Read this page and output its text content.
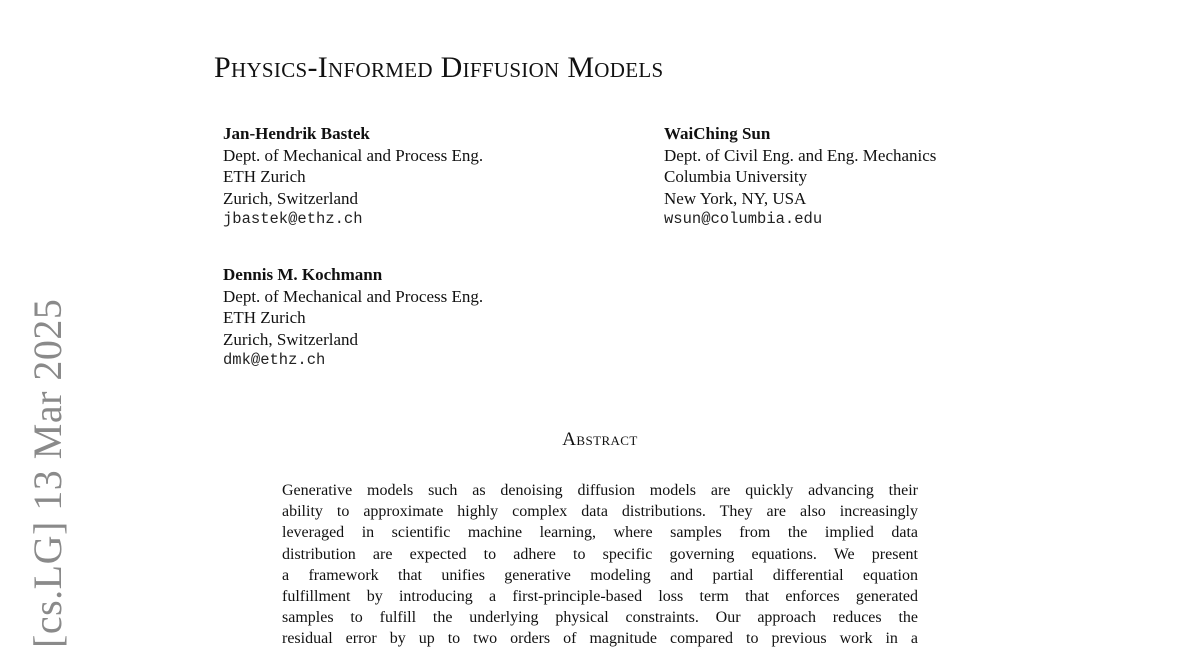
[cs.LG] 13 Mar 2025
Physics-Informed Diffusion Models
Jan-Hendrik Bastek
Dept. of Mechanical and Process Eng.
ETH Zurich
Zurich, Switzerland
jbastek@ethz.ch
WaiChing Sun
Dept. of Civil Eng. and Eng. Mechanics
Columbia University
New York, NY, USA
wsun@columbia.edu
Dennis M. Kochmann
Dept. of Mechanical and Process Eng.
ETH Zurich
Zurich, Switzerland
dmk@ethz.ch
Abstract
Generative models such as denoising diffusion models are quickly advancing their
ability to approximate highly complex data distributions. They are also increasingly
leveraged in scientific machine learning, where samples from the implied data
distribution are expected to adhere to specific governing equations. We present
a framework that unifies generative modeling and partial differential equation
fulfillment by introducing a first-principle-based loss term that enforces generated
samples to fulfill the underlying physical constraints. Our approach reduces the
residual error by up to two orders of magnitude compared to previous work in a
